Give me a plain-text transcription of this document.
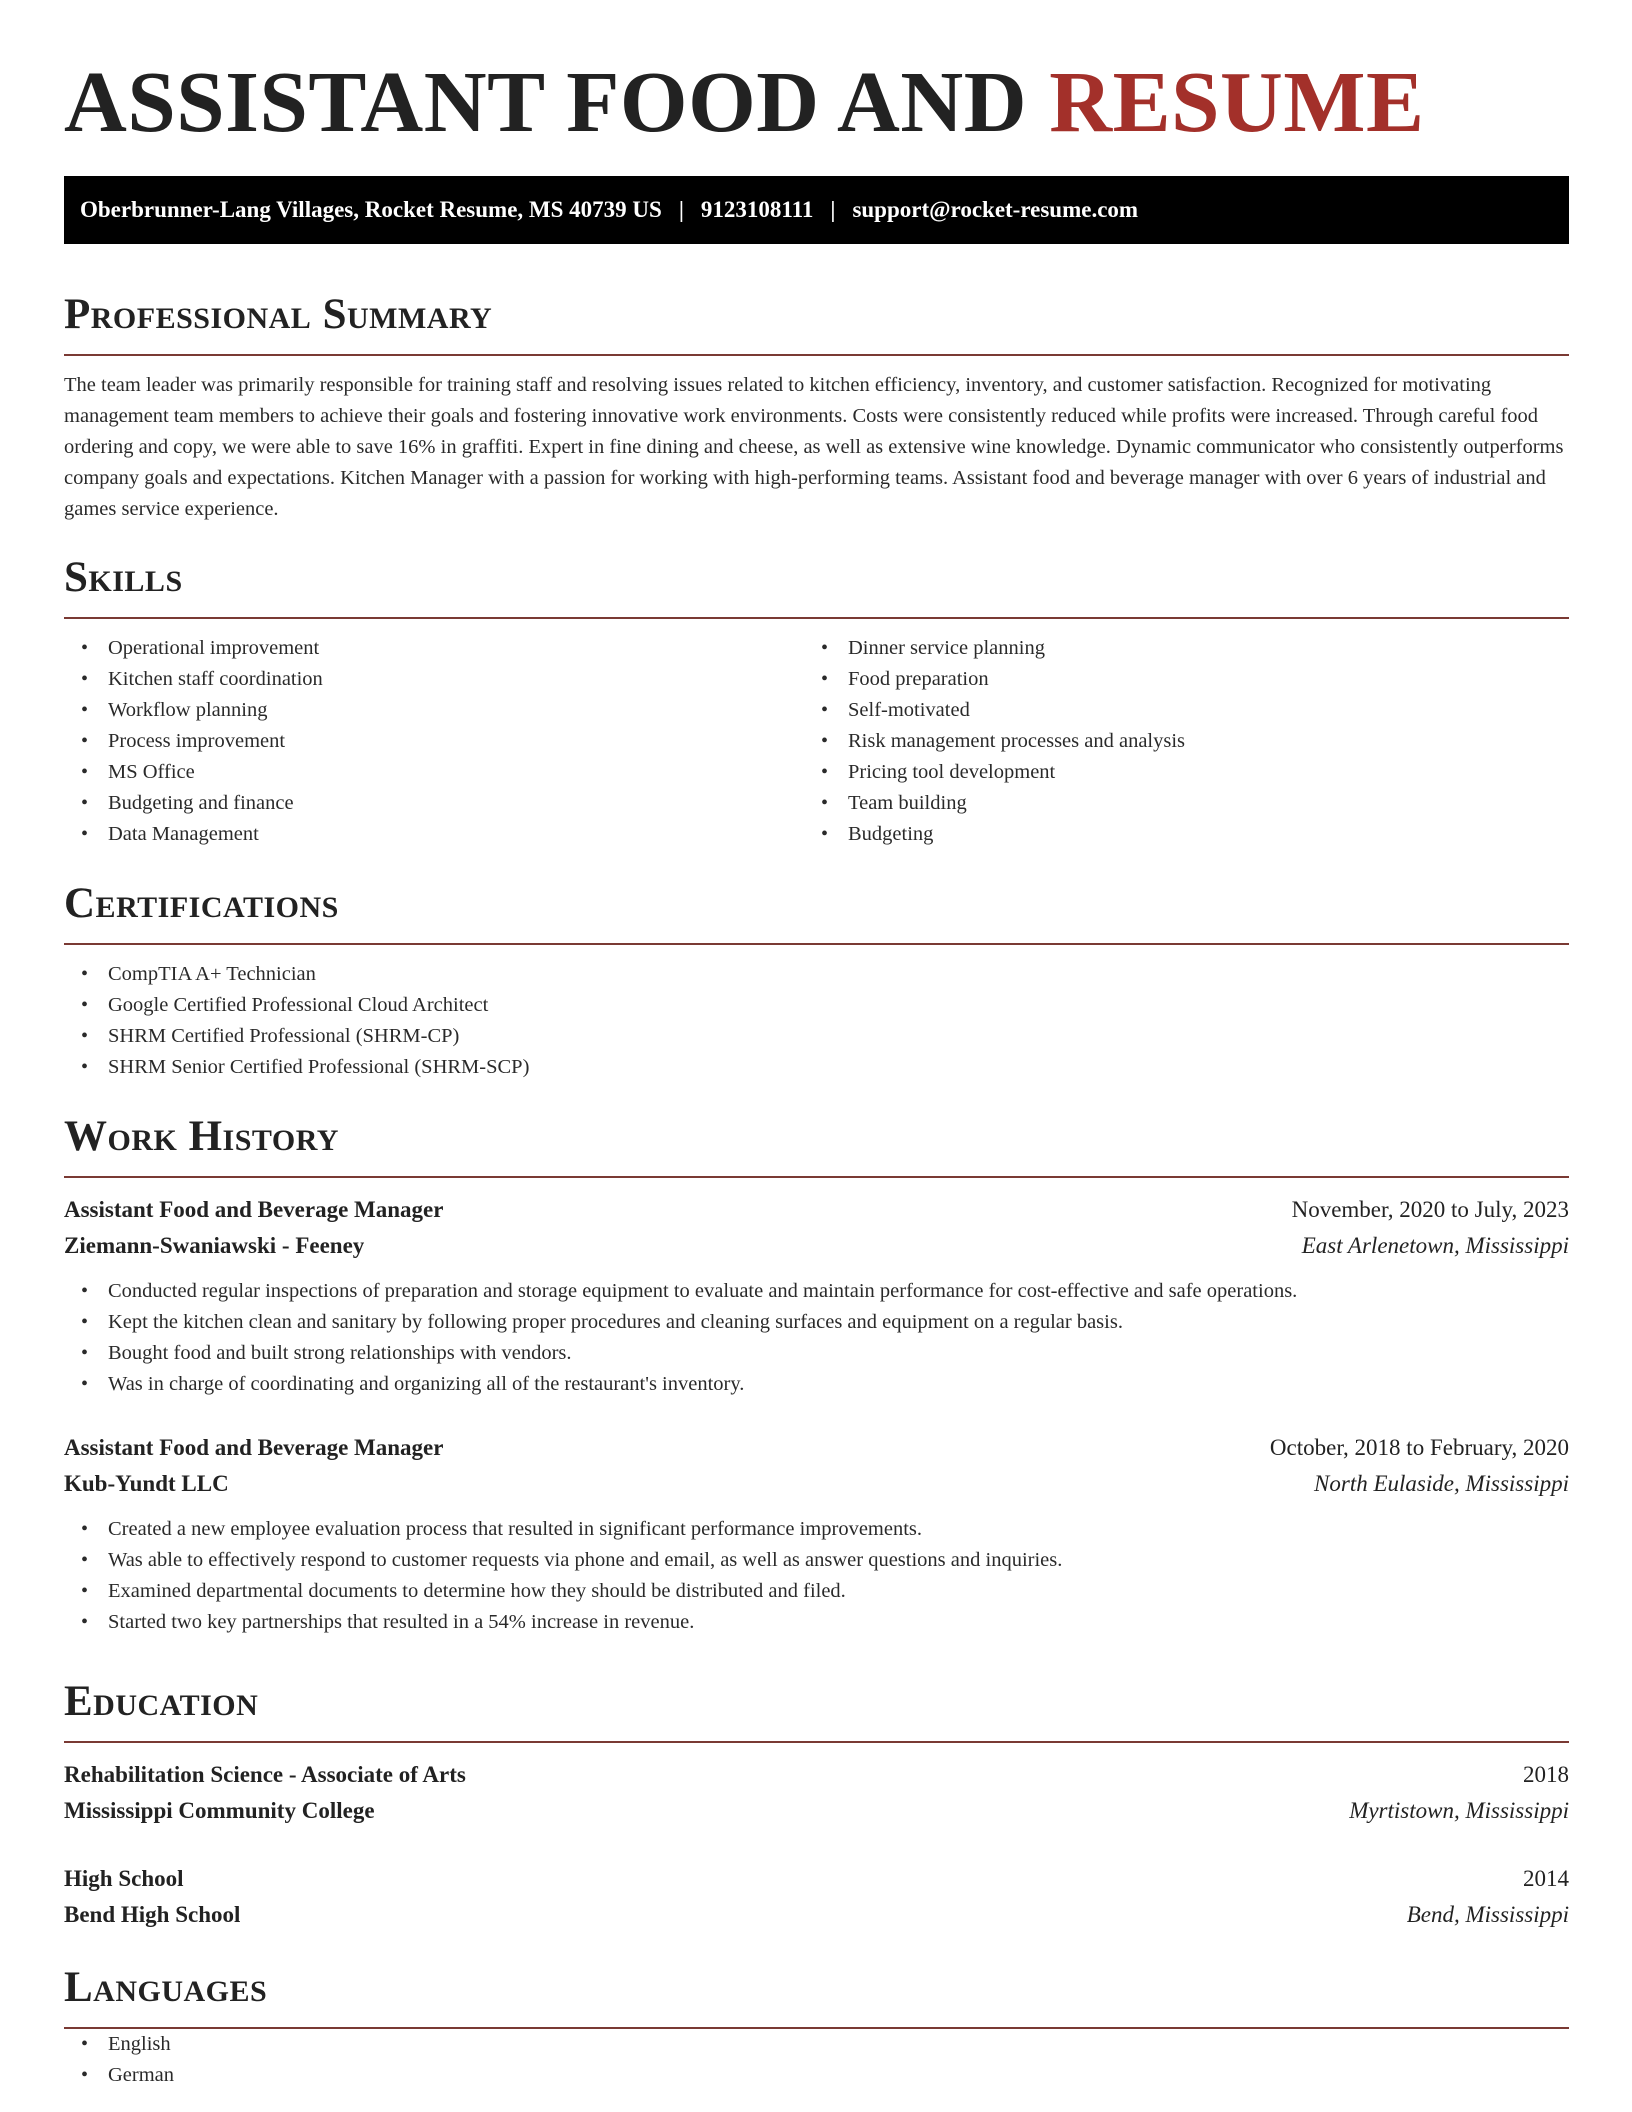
ASSISTANT FOOD AND RESUME
Oberbrunner-Lang Villages, Rocket Resume, MS 40739 US | 9123108111 | support@rocket-resume.com
Professional Summary

The team leader was primarily responsible for training staff and resolving issues related to kitchen efficiency, inventory, and customer satisfaction. Recognized for motivating management team members to achieve their goals and fostering innovative work environments. Costs were consistently reduced while profits were increased. Through careful food ordering and copy, we were able to save 16% in graffiti. Expert in fine dining and cheese, as well as extensive wine knowledge. Dynamic communicator who consistently outperforms company goals and expectations. Kitchen Manager with a passion for working with high-performing teams. Assistant food and beverage manager with over 6 years of industrial and games service experience.

Skills
• Operational improvement
• Kitchen staff coordination
• Workflow planning
• Process improvement
• MS Office
• Budgeting and finance
• Data Management
• Dinner service planning
• Food preparation
• Self-motivated
• Risk management processes and analysis
• Pricing tool development
• Team building
• Budgeting
Certifications
• CompTIA A+ Technician
• Google Certified Professional Cloud Architect
• SHRM Certified Professional (SHRM-CP)
• SHRM Senior Certified Professional (SHRM-SCP)
Work History
Assistant Food and Beverage Manager	November, 2020 to July, 2023
Ziemann-Swaniawski - Feeney	East Arlenetown, Mississippi
• Conducted regular inspections of preparation and storage equipment to evaluate and maintain performance for cost-effective and safe operations.
• Kept the kitchen clean and sanitary by following proper procedures and cleaning surfaces and equipment on a regular basis.
• Bought food and built strong relationships with vendors.
• Was in charge of coordinating and organizing all of the restaurant's inventory.
Assistant Food and Beverage Manager	October, 2018 to February, 2020
Kub-Yundt LLC	North Eulaside, Mississippi
• Created a new employee evaluation process that resulted in significant performance improvements.
• Was able to effectively respond to customer requests via phone and email, as well as answer questions and inquiries.
• Examined departmental documents to determine how they should be distributed and filed.
• Started two key partnerships that resulted in a 54% increase in revenue.
Education
Rehabilitation Science - Associate of Arts	2018
Mississippi Community College	Myrtistown, Mississippi
High School	2014
Bend High School	Bend, Mississippi
Languages
• English
• German
